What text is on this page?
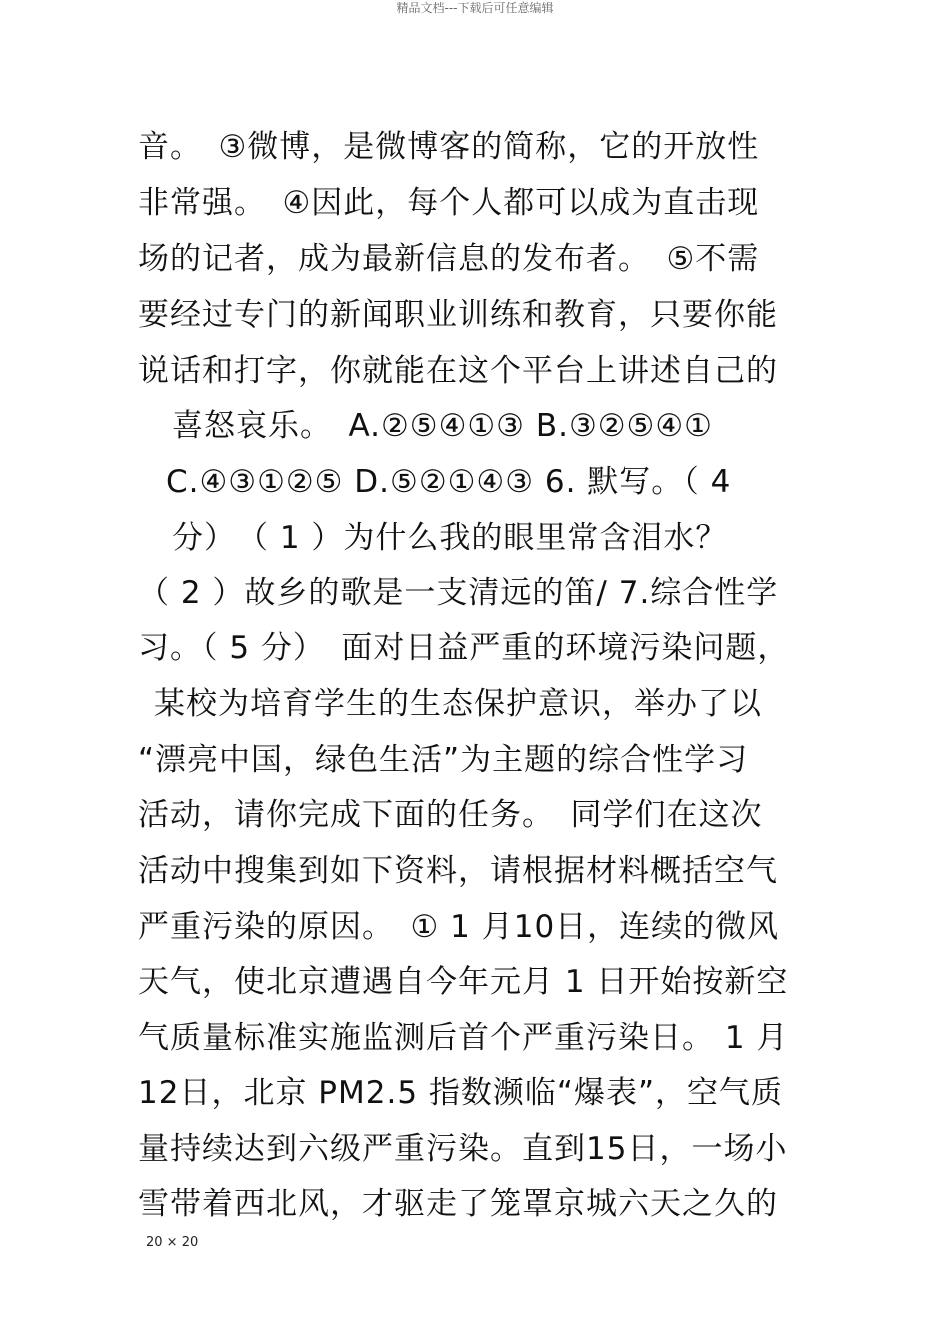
精品文档---下载后可任意编辑
音。　③微博，是微博客的简称，它的开放性
非常强。　④因此，每个人都可以成为直击现
场的记者，成为最新信息的发布者。　⑤不需
要经过专门的新闻职业训练和教育，只要你能
说话和打字，你就能在这个平台上讲述自己的
喜怒哀乐。　A.②⑤④①③ B.③②⑤④①
C.④③①②⑤ D.⑤②①④③ 6. 默写。（ 4
分）　（ 1 ）为什么我的眼里常含泪水？
（ 2 ）故乡的歌是一支清远的笛/ 7.综合性学
习。（ 5 分）　面对日益严重的环境污染问题，
某校为培育学生的生态保护意识，举办了以
“漂亮中国，绿色生活”为主题的综合性学习
活动，请你完成下面的任务。　同学们在这次
活动中搜集到如下资料，请根据材料概括空气
严重污染的原因。　① 1 月10日，连续的微风
天气，使北京遭遇自今年元月 1 日开始按新空
气质量标准实施监测后首个严重污染日。 1 月
12日，北京 PM2.5 指数濒临“爆表”，空气质
量持续达到六级严重污染。直到15日，一场小
雪带着西北风，才驱走了笼罩京城六天之久的
20 × 20
